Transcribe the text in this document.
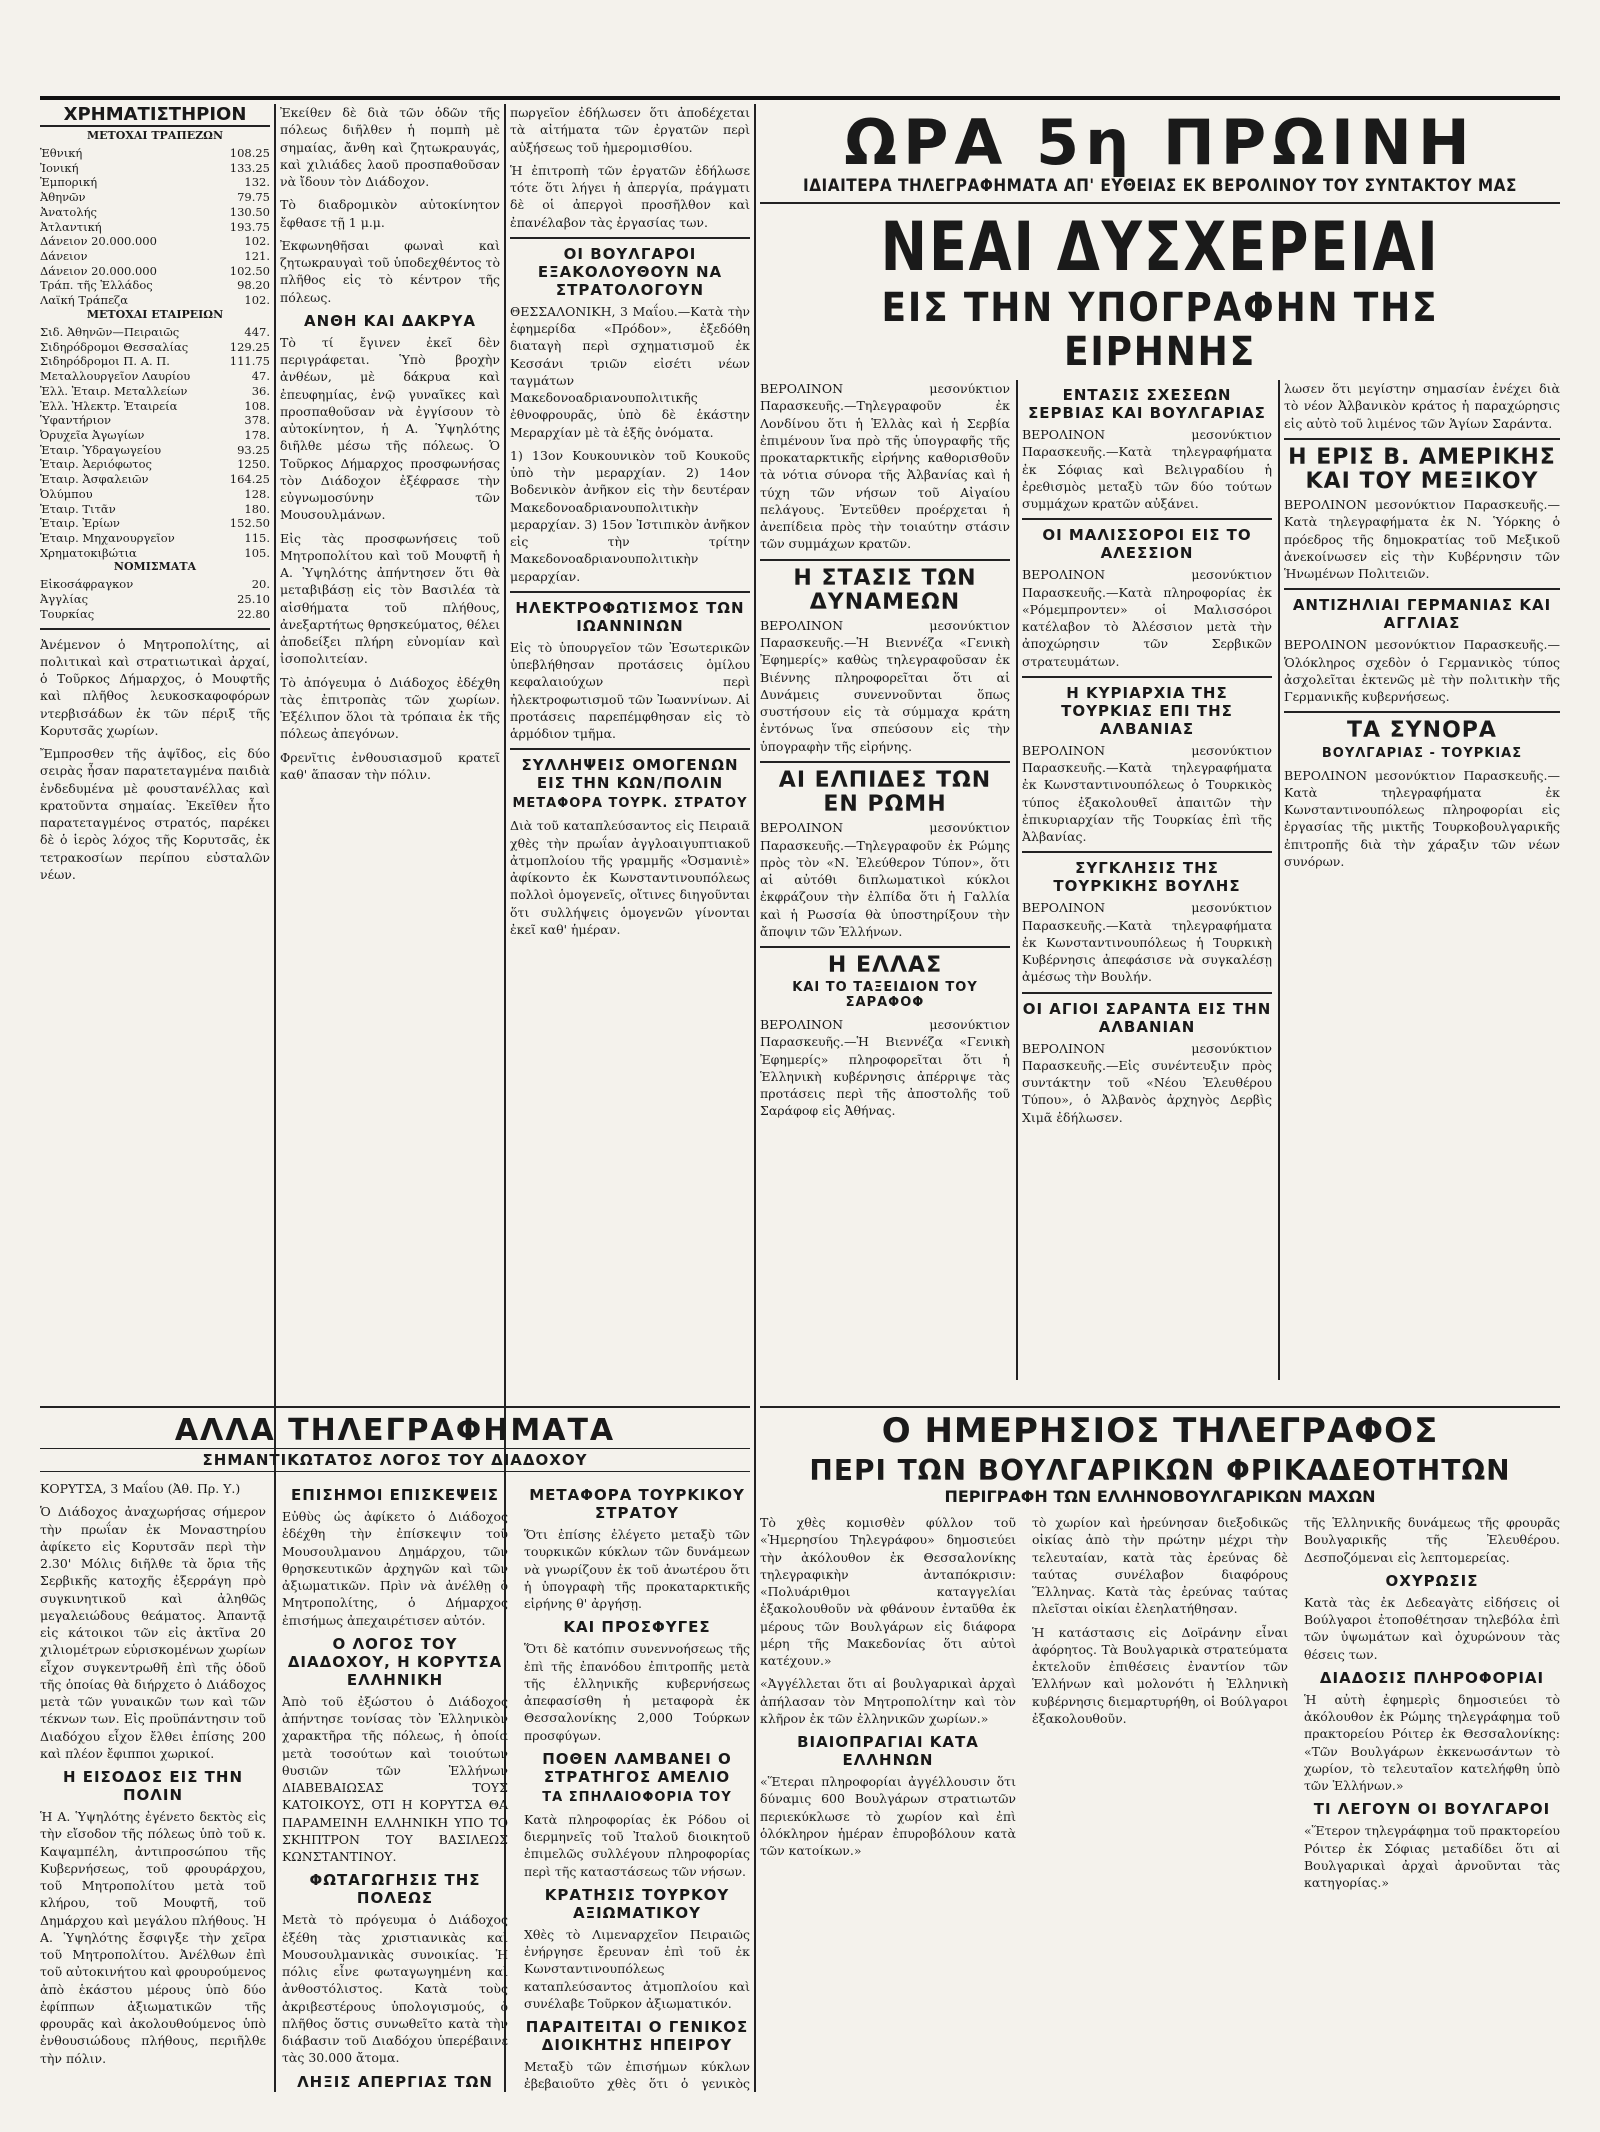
ΧΡΗΜΑΤΙΣΤΗΡΙΟΝ
ΜΕΤΟΧΑΙ ΤΡΑΠΕΖΩΝ
Ἐθνική	108.25
Ἰονική	133.25
Ἐμπορική	132.
Ἀθηνῶν	79.75
Ἀνατολής	130.50
Ἀτλαντική	193.75
Δάνειον 20.000.000	102.
Δάνειον	121.
Δάνειον 20.000.000	102.50
Τράπ. τῆς Ἑλλάδος	98.20
Λαϊκή Τράπεζα	102.
ΜΕΤΟΧΑΙ ΕΤΑΙΡΕΙΩΝ
Σιδ. Ἀθηνῶν—Πειραιῶς	447.
Σιδηρόδρομοι Θεσσαλίας	129.25
Σιδηρόδρομοι Π. Α. Π.	111.75
Μεταλλουργεῖον Λαυρίου	47.
Ἐλλ. Ἑταιρ. Μεταλλείων	36.
Ἐλλ. Ἠλεκτρ. Ἑταιρεία	108.
Ὑφαντήριον	378.
Ὀρυχεῖα Ἀγωγίων	178.
Ἑταιρ. Ὑδραγωγείου	93.25
Ἑταιρ. Ἀεριόφωτος	1250.
Ἑταιρ. Ἀσφαλειῶν	164.25
Ὀλύμπου	128.
Ἑταιρ. Τιτᾶν	180.
Ἑταιρ. Ἐρίων	152.50
Ἑταιρ. Μηχανουργεῖον	115.
Χρηματοκιβώτια	105.
ΝΟΜΙΣΜΑΤΑ
Εἰκοσάφραγκον	20.
Ἀγγλίας	25.10
Τουρκίας	22.80

Ἀνέμενον ὁ Μητροπολίτης, αἱ πολιτικαὶ καὶ στρατιωτικαὶ ἀρχαί, ὁ Τοῦρκος Δήμαρχος, ὁ Μουφτῆς καὶ πλῆθος λευκοσκαφοφόρων ντερβισάδων ἐκ τῶν πέριξ τῆς Κορυτσᾶς χωρίων.

Ἔμπροσθεν τῆς ἁψῖδος, εἰς δύο σειρὰς ἦσαν παρατεταγμένα παιδιὰ ἐνδεδυμένα μὲ φουστανέλλας καὶ κρατοῦντα σημαίας. Ἐκεῖθεν ἦτο παρατεταγμένος στρατός, παρέκει δὲ ὁ ἱερὸς λόχος τῆς Κορυτσᾶς, ἐκ τετρακοσίων περίπου εὐσταλῶν νέων.

Ἐκείθεν δὲ διὰ τῶν ὁδῶν τῆς πόλεως διῆλθεν ἡ πομπὴ μὲ σημαίας, ἄνθη καὶ ζητωκραυγάς, καὶ χιλιάδες λαοῦ προσπαθοῦσαν νὰ ἴδουν τὸν Διάδοχον.

Τὸ διαδρομικὸν αὐτοκίνητον ἔφθασε τῇ 1 μ.μ.

Ἐκφωνηθῆσαι φωναὶ καὶ ζητωκραυγαὶ τοῦ ὑποδεχθέντος τὸ πλῆθος εἰς τὸ κέντρον τῆς πόλεως.

ΑΝΘΗ ΚΑΙ ΔΑΚΡΥΑ

Τὸ τί ἔγινεν ἐκεῖ δὲν περιγράφεται. Ὑπὸ βροχὴν ἀνθέων, μὲ δάκρυα καὶ ἐπευφημίας, ἐνῷ γυναῖκες καὶ προσπαθοῦσαν νὰ ἐγγίσουν τὸ αὐτοκίνητον, ἡ Α. Ὑψηλότης διῆλθε μέσω τῆς πόλεως. Ὁ Τοῦρκος Δήμαρχος προσφωνήσας τὸν Διάδοχον ἐξέφρασε τὴν εὐγνωμοσύνην τῶν Μουσουλμάνων.

Εἰς τὰς προσφωνήσεις τοῦ Μητροπολίτου καὶ τοῦ Μουφτῆ ἡ Α. Ὑψηλότης ἀπήντησεν ὅτι θὰ μεταβιβάσῃ εἰς τὸν Βασιλέα τὰ αἰσθήματα τοῦ πλήθους, ἀνεξαρτήτως θρησκεύματος, θέλει ἀποδείξει πλήρη εὐνομίαν καὶ ἰσοπολιτείαν.

Τὸ ἀπόγευμα ὁ Διάδοχος ἐδέχθη τὰς ἐπιτροπὰς τῶν χωρίων. Ἐξέλιπον ὅλοι τὰ τρόπαια ἐκ τῆς πόλεως ἀπεγόνων.

Φρενῖτις ἐνθουσιασμοῦ κρατεῖ καθ' ἅπασαν τὴν πόλιν.

πωργεῖον ἐδήλωσεν ὅτι ἀποδέχεται τὰ αἰτήματα τῶν ἐργατῶν περὶ αὐξήσεως τοῦ ἡμερομισθίου.

Ἡ ἐπιτροπὴ τῶν ἐργατῶν ἐδήλωσε τότε ὅτι λήγει ἡ ἀπεργία, πράγματι δὲ οἱ ἀπεργοὶ προσῆλθον καὶ ἐπανέλαβον τὰς ἐργασίας των.

ΟΙ ΒΟΥΛΓΑΡΟΙ ΕΞΑΚΟΛΟΥΘΟΥΝ ΝΑ ΣΤΡΑΤΟΛΟΓΟΥΝ

ΘΕΣΣΑΛΟΝΙΚΗ, 3 Μαΐου.—Κατὰ τὴν ἐφημερίδα «Πρόδον», ἐξεδόθη διαταγὴ περὶ σχηματισμοῦ ἐκ Κεσσάνι τριῶν εἰσέτι νέων ταγμάτων Μακεδονοαδριανουπολιτικῆς ἐθνοφρουρᾶς, ὑπὸ δὲ ἑκάστην Μεραρχίαν μὲ τὰ ἑξῆς ὀνόματα.

1) 13ον Κουκουνικὸν τοῦ Κουκοῦς ὑπὸ τὴν μεραρχίαν. 2) 14ον Βοδενικὸν ἀνῆκον εἰς τὴν δευτέραν Μακεδονοαδριανουπολιτικὴν μεραρχίαν. 3) 15ον Ἰστιπικὸν ἀνῆκον εἰς τὴν τρίτην Μακεδονοαδριανουπολιτικὴν μεραρχίαν.

ΗΛΕΚΤΡΟΦΩΤΙΣΜΟΣ ΤΩΝ ΙΩΑΝΝΙΝΩΝ

Εἰς τὸ ὑπουργεῖον τῶν Ἐσωτερικῶν ὑπεβλήθησαν προτάσεις ὁμίλου κεφαλαιούχων περὶ ἠλεκτροφωτισμοῦ τῶν Ἰωαννίνων. Αἱ προτάσεις παρεπέμφθησαν εἰς τὸ ἁρμόδιον τμῆμα.

ΣΥΛΛΗΨΕΙΣ ΟΜΟΓΕΝΩΝ ΕΙΣ ΤΗΝ ΚΩΝ/ΠΟΛΙΝ
ΜΕΤΑΦΟΡΑ ΤΟΥΡΚ. ΣΤΡΑΤΟΥ

Διὰ τοῦ καταπλεύσαντος εἰς Πειραιᾶ χθὲς τὴν πρωΐαν ἀγγλοαιγυπτιακοῦ ἀτμοπλοίου τῆς γραμμῆς «Ὀσμανιὲ» ἀφίκοντο ἐκ Κωνσταντινουπόλεως πολλοὶ ὁμογενεῖς, οἵτινες διηγοῦνται ὅτι συλλήψεις ὁμογενῶν γίνονται ἐκεῖ καθ' ἡμέραν.

ΩΡΑ 5η ΠΡΩΙΝΗ
ΙΔΙΑΙΤΕΡΑ ΤΗΛΕΓΡΑΦΗΜΑΤΑ ΑΠ' ΕΥΘΕΙΑΣ ΕΚ ΒΕΡΟΛΙΝΟΥ ΤΟΥ ΣΥΝΤΑΚΤΟΥ ΜΑΣ
ΝΕΑΙ ΔΥΣΧΕΡΕΙΑΙ
ΕΙΣ ΤΗΝ ΥΠΟΓΡΑΦΗΝ ΤΗΣ ΕΙΡΗΝΗΣ

ΒΕΡΟΛΙΝΟΝ μεσονύκτιον Παρασκευῆς.—Τηλεγραφοῦν ἐκ Λονδίνου ὅτι ἡ Ἑλλὰς καὶ ἡ Σερβία ἐπιμένουν ἵνα πρὸ τῆς ὑπογραφῆς τῆς προκαταρκτικῆς εἰρήνης καθορισθοῦν τὰ νότια σύνορα τῆς Ἀλβανίας καὶ ἡ τύχη τῶν νήσων τοῦ Αἰγαίου πελάγους. Ἐντεῦθεν προέρχεται ἡ ἀνεπίδεια πρὸς τὴν τοιαύτην στάσιν τῶν συμμάχων κρατῶν.

Η ΣΤΑΣΙΣ ΤΩΝ ΔΥΝΑΜΕΩΝ

ΒΕΡΟΛΙΝΟΝ μεσονύκτιον Παρασκευῆς.—Ἡ Βιεννέζα «Γενικὴ Ἐφημερίς» καθὼς τηλεγραφοῦσαν ἐκ Βιέννης πληροφορεῖται ὅτι αἱ Δυνάμεις συνεννοῦνται ὅπως συστήσουν εἰς τὰ σύμμαχα κράτη ἐντόνως ἵνα σπεύσουν εἰς τὴν ὑπογραφὴν τῆς εἰρήνης.

ΑΙ ΕΛΠΙΔΕΣ ΤΩΝ ΕΝ ΡΩΜΗ

ΒΕΡΟΛΙΝΟΝ μεσονύκτιον Παρασκευῆς.—Τηλεγραφοῦν ἐκ Ρώμης πρὸς τὸν «Ν. Ἐλεύθερον Τύπον», ὅτι αἱ αὐτόθι διπλωματικοὶ κύκλοι ἐκφράζουν τὴν ἐλπίδα ὅτι ἡ Γαλλία καὶ ἡ Ρωσσία θὰ ὑποστηρίξουν τὴν ἄποψιν τῶν Ἑλλήνων.

Η ΕΛΛΑΣ
ΚΑΙ ΤΟ ΤΑΞΕΙΔΙΟΝ ΤΟΥ ΣΑΡΑΦΟΦ

ΒΕΡΟΛΙΝΟΝ μεσονύκτιον Παρασκευῆς.—Ἡ Βιεννέζα «Γενικὴ Ἐφημερίς» πληροφορεῖται ὅτι ἡ Ἑλληνικὴ κυβέρνησις ἀπέρριψε τὰς προτάσεις περὶ τῆς ἀποστολῆς τοῦ Σαράφοφ εἰς Ἀθήνας.

ΕΝΤΑΣΙΣ ΣΧΕΣΕΩΝ ΣΕΡΒΙΑΣ ΚΑΙ ΒΟΥΛΓΑΡΙΑΣ

ΒΕΡΟΛΙΝΟΝ μεσονύκτιον Παρασκευῆς.—Κατὰ τηλεγραφήματα ἐκ Σόφιας καὶ Βελιγραδίου ἡ ἐρεθισμὸς μεταξὺ τῶν δύο τούτων συμμάχων κρατῶν αὐξάνει.

ΟΙ ΜΑΛΙΣΣΟΡΟΙ ΕΙΣ ΤΟ ΑΛΕΣΣΙΟΝ

ΒΕΡΟΛΙΝΟΝ μεσονύκτιον Παρασκευῆς.—Κατὰ πληροφορίας ἐκ «Ρόμεμπροντεν» οἱ Μαλισσόροι κατέλαβον τὸ Ἀλέσσιον μετὰ τὴν ἀποχώρησιν τῶν Σερβικῶν στρατευμάτων.

Η ΚΥΡΙΑΡΧΙΑ ΤΗΣ ΤΟΥΡΚΙΑΣ ΕΠΙ ΤΗΣ ΑΛΒΑΝΙΑΣ

ΒΕΡΟΛΙΝΟΝ μεσονύκτιον Παρασκευῆς.—Κατὰ τηλεγραφήματα ἐκ Κωνσταντινουπόλεως ὁ Τουρκικὸς τύπος ἐξακολουθεῖ ἀπαιτῶν τὴν ἐπικυριαρχίαν τῆς Τουρκίας ἐπὶ τῆς Ἀλβανίας.

ΣΥΓΚΛΗΣΙΣ ΤΗΣ ΤΟΥΡΚΙΚΗΣ ΒΟΥΛΗΣ

ΒΕΡΟΛΙΝΟΝ μεσονύκτιον Παρασκευῆς.—Κατὰ τηλεγραφήματα ἐκ Κωνσταντινουπόλεως ἡ Τουρκικὴ Κυβέρνησις ἀπεφάσισε νὰ συγκαλέσῃ ἀμέσως τὴν Βουλήν.

ΟΙ ΑΓΙΟΙ ΣΑΡΑΝΤΑ ΕΙΣ ΤΗΝ ΑΛΒΑΝΙΑΝ

ΒΕΡΟΛΙΝΟΝ μεσονύκτιον Παρασκευῆς.—Εἰς συνέντευξιν πρὸς συντάκτην τοῦ «Νέου Ἐλευθέρου Τύπου», ὁ Ἀλβανὸς ἀρχηγὸς Δερβὶς Χιμᾶ ἐδήλωσεν.

λωσεν ὅτι μεγίστην σημασίαν ἐνέχει διὰ τὸ νέον Ἀλβανικὸν κράτος ἡ παραχώρησις εἰς αὐτὸ τοῦ λιμένος τῶν Ἁγίων Σαράντα.

Η ΕΡΙΣ Β. ΑΜΕΡΙΚΗΣ ΚΑΙ ΤΟΥ ΜΕΞΙΚΟΥ

ΒΕΡΟΛΙΝΟΝ μεσονύκτιον Παρασκευῆς.—Κατὰ τηλεγραφήματα ἐκ Ν. Ὑόρκης ὁ πρόεδρος τῆς δημοκρατίας τοῦ Μεξικοῦ ἀνεκοίνωσεν εἰς τὴν Κυβέρνησιν τῶν Ἡνωμένων Πολιτειῶν.

ΑΝΤΙΖΗΛΙΑΙ ΓΕΡΜΑΝΙΑΣ ΚΑΙ ΑΓΓΛΙΑΣ

ΒΕΡΟΛΙΝΟΝ μεσονύκτιον Παρασκευῆς.—Ὁλόκληρος σχεδὸν ὁ Γερμανικὸς τύπος ἀσχολεῖται ἐκτενῶς μὲ τὴν πολιτικὴν τῆς Γερμανικῆς κυβερνήσεως.

ΤΑ ΣΥΝΟΡΑ
ΒΟΥΛΓΑΡΙΑΣ - ΤΟΥΡΚΙΑΣ

ΒΕΡΟΛΙΝΟΝ μεσονύκτιον Παρασκευῆς.—Κατὰ τηλεγραφήματα ἐκ Κωνσταντινουπόλεως πληροφορίαι εἰς ἐργασίας τῆς μικτῆς Τουρκοβουλγαρικῆς ἐπιτροπῆς διὰ τὴν χάραξιν τῶν νέων συνόρων.

ΑΛΛΑ ΤΗΛΕΓΡΑΦΗΜΑΤΑ
ΣΗΜΑΝΤΙΚΩΤΑΤΟΣ ΛΟΓΟΣ ΤΟΥ ΔΙΑΔΟΧΟΥ

ΚΟΡΥΤΣΑ, 3 Μαΐου (Ἀθ. Πρ. Υ.)

Ὁ Διάδοχος ἀναχωρήσας σήμερον τὴν πρωΐαν ἐκ Μοναστηρίου ἀφίκετο εἰς Κορυτσᾶν περὶ τὴν 2.30' Μόλις διῆλθε τὰ ὅρια τῆς Σερβικῆς κατοχῆς ἐξερράγη πρὸ συγκινητικοῦ καὶ ἀληθῶς μεγαλειώδους θεάματος. Ἀπαντᾷ εἰς κάτοικοι τῶν εἰς ἀκτῖνα 20 χιλιομέτρων εὑρισκομένων χωρίων εἶχον συγκεντρωθῆ ἐπὶ τῆς ὁδοῦ τῆς ὁποίας θὰ διήρχετο ὁ Διάδοχος μετὰ τῶν γυναικῶν των καὶ τῶν τέκνων των. Εἰς προϋπάντησιν τοῦ Διαδόχου εἶχον ἔλθει ἐπίσης 200 καὶ πλέον ἔφιπποι χωρικοί.

Η ΕΙΣΟΔΟΣ ΕΙΣ ΤΗΝ ΠΟΛΙΝ

Ἡ Α. Ὑψηλότης ἐγένετο δεκτὸς εἰς τὴν εἴσοδον τῆς πόλεως ὑπὸ τοῦ κ. Καψαμπέλη, ἀντιπροσώπου τῆς Κυβερνήσεως, τοῦ φρουράρχου, τοῦ Μητροπολίτου μετὰ τοῦ κλήρου, τοῦ Μουφτῆ, τοῦ Δημάρχου καὶ μεγάλου πλήθους. Ἡ Α. Ὑψηλότης ἔσφιγξε τὴν χεῖρα τοῦ Μητροπολίτου. Ἀνέλθων ἐπὶ τοῦ αὐτοκινήτου καὶ φρουρούμενος ἀπὸ ἑκάστου μέρους ὑπὸ δύο ἐφίππων ἀξιωματικῶν τῆς φρουρᾶς καὶ ἀκολουθούμενος ὑπὸ ἐνθουσιώδους πλήθους, περιῆλθε τὴν πόλιν.

ΕΠΙΣΗΜΟΙ ΕΠΙΣΚΕΨΕΙΣ

Εὐθὺς ὡς ἀφίκετο ὁ Διάδοχος ἐδέχθη τὴν ἐπίσκεψιν τοῦ Μουσουλμανου Δημάρχου, τῶν θρησκευτικῶν ἀρχηγῶν καὶ τῶν ἀξιωματικῶν. Πρὶν νὰ ἀνέλθῃ ὁ Μητροπολίτης, ὁ Δήμαρχος ἐπισήμως ἀπεχαιρέτισεν αὐτόν.

Ο ΛΟΓΟΣ ΤΟΥ ΔΙΑΔΟΧΟΥ, Η ΚΟΡΥΤΣΑ ΕΛΛΗΝΙΚΗ

Ἀπὸ τοῦ ἐξώστου ὁ Διάδοχος ἀπήντησε τονίσας τὸν Ἑλληνικὸν χαρακτῆρα τῆς πόλεως, ἡ ὁποία μετὰ τοσούτων καὶ τοιούτων θυσιῶν τῶν Ἑλλήνων ΔΙΑΒΕΒΑΙΩΣΑΣ ΤΟΥΣ ΚΑΤΟΙΚΟΥΣ, ΟΤΙ Η ΚΟΡΥΤΣΑ ΘΑ ΠΑΡΑΜΕΙΝΗ ΕΛΛΗΝΙΚΗ ΥΠΟ ΤΟ ΣΚΗΠΤΡΟΝ ΤΟΥ ΒΑΣΙΛΕΩΣ ΚΩΝΣΤΑΝΤΙΝΟΥ.

ΦΩΤΑΓΩΓΗΣΙΣ ΤΗΣ ΠΟΛΕΩΣ

Μετὰ τὸ πρόγευμα ὁ Διάδοχος ἐξέθη τὰς χριστιανικὰς καὶ Μουσουλμανικὰς συνοικίας. Ἡ πόλις εἶνε φωταγωγημένη καὶ ἀνθοστόλιστος. Κατὰ τοὺς ἀκριβεστέρους ὑπολογισμούς, ὁ πλῆθος ὅστις συνωθεῖτο κατὰ τὴν διάβασιν τοῦ Διαδόχου ὑπερέβαινε τὰς 30.000 ἄτομα.

ΛΗΞΙΣ ΑΠΕΡΓΙΑΣ ΤΩΝ

ΜΕΤΑΦΟΡΑ ΤΟΥΡΚΙΚΟΥ ΣΤΡΑΤΟΥ

Ὅτι ἐπίσης ἐλέγετο μεταξὺ τῶν τουρκικῶν κύκλων τῶν δυνάμεων νὰ γνωρίζουν ἐκ τοῦ ἀνωτέρου ὅτι ἡ ὑπογραφὴ τῆς προκαταρκτικῆς εἰρήνης θ' ἀργήσῃ.

ΚΑΙ ΠΡΟΣΦΥΓΕΣ

Ὅτι δὲ κατόπιν συνεννοήσεως τῆς ἐπὶ τῆς ἐπανόδου ἐπιτροπῆς μετὰ τῆς ἑλληνικῆς κυβερνήσεως ἀπεφασίσθη ἡ μεταφορὰ ἐκ Θεσσαλονίκης 2,000 Τούρκων προσφύγων.

ΠΟΘΕΝ ΛΑΜΒΑΝΕΙ Ο ΣΤΡΑΤΗΓΟΣ ΑΜΕΛΙΟ
ΤΑ ΣΠΗΛΑΙΟΦΟΡΙΑ ΤΟΥ

Κατὰ πληροφορίας ἐκ Ρόδου οἱ διερμηνεῖς τοῦ Ἰταλοῦ διοικητοῦ ἐπιμελῶς συλλέγουν πληροφορίας περὶ τῆς καταστάσεως τῶν νήσων.

ΚΡΑΤΗΣΙΣ ΤΟΥΡΚΟΥ ΑΞΙΩΜΑΤΙΚΟΥ

Χθὲς τὸ Λιμεναρχεῖον Πειραιῶς ἐνήργησε ἔρευναν ἐπὶ τοῦ ἐκ Κωνσταντινουπόλεως καταπλεύσαντος ἀτμοπλοίου καὶ συνέλαβε Τοῦρκον ἀξιωματικόν.

ΠΑΡΑΙΤΕΙΤΑΙ Ο ΓΕΝΙΚΟΣ ΔΙΟΙΚΗΤΗΣ ΗΠΕΙΡΟΥ

Μεταξὺ τῶν ἐπισήμων κύκλων ἐβεβαιοῦτο χθὲς ὅτι ὁ γενικὸς

Ο ΗΜΕΡΗΣΙΟΣ ΤΗΛΕΓΡΑΦΟΣ
ΠΕΡΙ ΤΩΝ ΒΟΥΛΓΑΡΙΚΩΝ ΦΡΙΚΑΔΕΟΤΗΤΩΝ
ΠΕΡΙΓΡΑΦΗ ΤΩΝ ΕΛΛΗΝΟΒΟΥΛΓΑΡΙΚΩΝ ΜΑΧΩΝ

Τὸ χθὲς κομισθὲν φύλλον τοῦ «Ἡμερησίου Τηλεγράφου» δημοσιεύει τὴν ἀκόλουθον ἐκ Θεσσαλονίκης τηλεγραφικὴν ἀνταπόκρισιν: «Πολυάριθμοι καταγγελίαι ἐξακολουθοῦν νὰ φθάνουν ἐνταῦθα ἐκ μέρους τῶν Βουλγάρων εἰς διάφορα μέρη τῆς Μακεδονίας ὅτι αὐτοὶ κατέχουν.»

«Ἀγγέλλεται ὅτι αἱ βουλγαρικαὶ ἀρχαὶ ἀπήλασαν τὸν Μητροπολίτην καὶ τὸν κλῆρον ἐκ τῶν ἐλληνικῶν χωρίων.»

ΒΙΑΙΟΠΡΑΓΙΑΙ ΚΑΤΑ ΕΛΛΗΝΩΝ

«Ἕτεραι πληροφορίαι ἀγγέλλουσιν ὅτι δύναμις 600 Βουλγάρων στρατιωτῶν περιεκύκλωσε τὸ χωρίον καὶ ἐπὶ ὁλόκληρον ἡμέραν ἐπυροβόλουν κατὰ τῶν κατοίκων.»

τὸ χωρίον καὶ ἠρεύνησαν διεξοδικῶς οἰκίας ἀπὸ τὴν πρώτην μέχρι τὴν τελευταίαν, κατὰ τὰς ἐρεύνας δὲ ταύτας συνέλαβον διαφόρους Ἕλληνας. Κατὰ τὰς ἐρεύνας ταύτας πλεῖσται οἰκίαι ἐλεηλατήθησαν.

Ἡ κατάστασις εἰς Δοϊράνην εἶναι ἀφόρητος. Τὰ Βουλγαρικὰ στρατεύματα ἐκτελοῦν ἐπιθέσεις ἐναντίον τῶν Ἑλλήνων καὶ μολονότι ἡ Ἑλληνικὴ κυβέρνησις διεμαρτυρήθη, οἱ Βούλγαροι ἐξακολουθοῦν.

τῆς Ἑλληνικῆς δυνάμεως τῆς φρουρᾶς Βουλγαρικῆς τῆς Ἐλευθέρου. Δεσποζόμεναι εἰς λεπτομερείας.

ΟΧΥΡΩΣΙΣ

Κατὰ τὰς ἐκ Δεδεαγὰτς εἰδήσεις οἱ Βούλγαροι ἐτοποθέτησαν τηλεβόλα ἐπὶ τῶν ὑψωμάτων καὶ ὀχυρώνουν τὰς θέσεις των.

ΔΙΑΔΟΣΙΣ ΠΛΗΡΟΦΟΡΙΑΙ

Ἡ αὐτὴ ἐφημερὶς δημοσιεύει τὸ ἀκόλουθον ἐκ Ρώμης τηλεγράφημα τοῦ πρακτορείου Ρόιτερ ἐκ Θεσσαλονίκης: «Τῶν Βουλγάρων ἐκκενωσάντων τὸ χωρίον, τὸ τελευταῖον κατελήφθη ὑπὸ τῶν Ἑλλήνων.»

ΤΙ ΛΕΓΟΥΝ ΟΙ ΒΟΥΛΓΑΡΟΙ

«Ἕτερον τηλεγράφημα τοῦ πρακτορείου Ρόιτερ ἐκ Σόφιας μεταδίδει ὅτι αἱ Βουλγαρικαὶ ἀρχαὶ ἀρνοῦνται τὰς κατηγορίας.»
